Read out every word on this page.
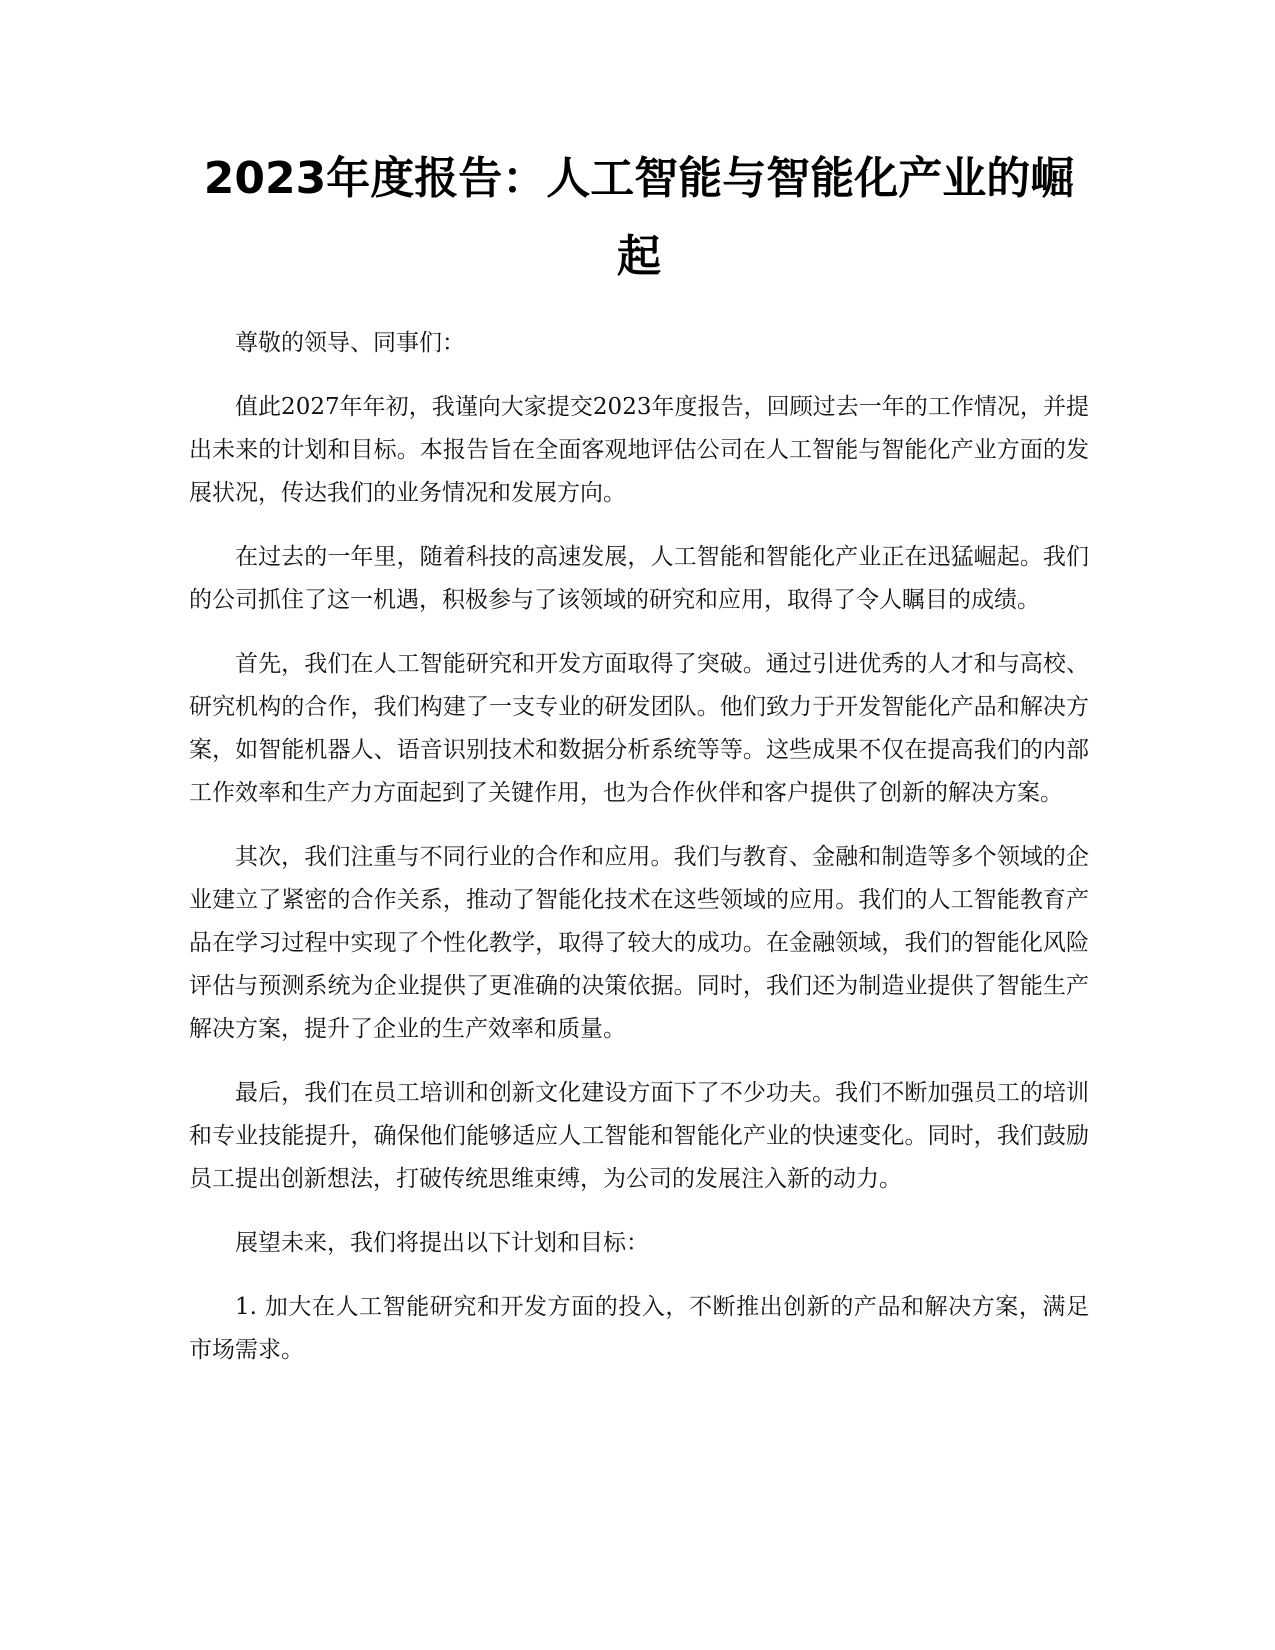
2023年度报告：人工智能与智能化产业的崛起

尊敬的领导、同事们：

值此2027年年初，我谨向大家提交2023年度报告，回顾过去一年的工作情况，并提出未来的计划和目标。本报告旨在全面客观地评估公司在人工智能与智能化产业方面的发展状况，传达我们的业务情况和发展方向。

在过去的一年里，随着科技的高速发展，人工智能和智能化产业正在迅猛崛起。我们的公司抓住了这一机遇，积极参与了该领域的研究和应用，取得了令人瞩目的成绩。

首先，我们在人工智能研究和开发方面取得了突破。通过引进优秀的人才和与高校、研究机构的合作，我们构建了一支专业的研发团队。他们致力于开发智能化产品和解决方案，如智能机器人、语音识别技术和数据分析系统等等。这些成果不仅在提高我们的内部工作效率和生产力方面起到了关键作用，也为合作伙伴和客户提供了创新的解决方案。

其次，我们注重与不同行业的合作和应用。我们与教育、金融和制造等多个领域的企业建立了紧密的合作关系，推动了智能化技术在这些领域的应用。我们的人工智能教育产品在学习过程中实现了个性化教学，取得了较大的成功。在金融领域，我们的智能化风险评估与预测系统为企业提供了更准确的决策依据。同时，我们还为制造业提供了智能生产解决方案，提升了企业的生产效率和质量。

最后，我们在员工培训和创新文化建设方面下了不少功夫。我们不断加强员工的培训和专业技能提升，确保他们能够适应人工智能和智能化产业的快速变化。同时，我们鼓励员工提出创新想法，打破传统思维束缚，为公司的发展注入新的动力。

展望未来，我们将提出以下计划和目标：

1. 加大在人工智能研究和开发方面的投入，不断推出创新的产品和解决方案，满足市场需求。
